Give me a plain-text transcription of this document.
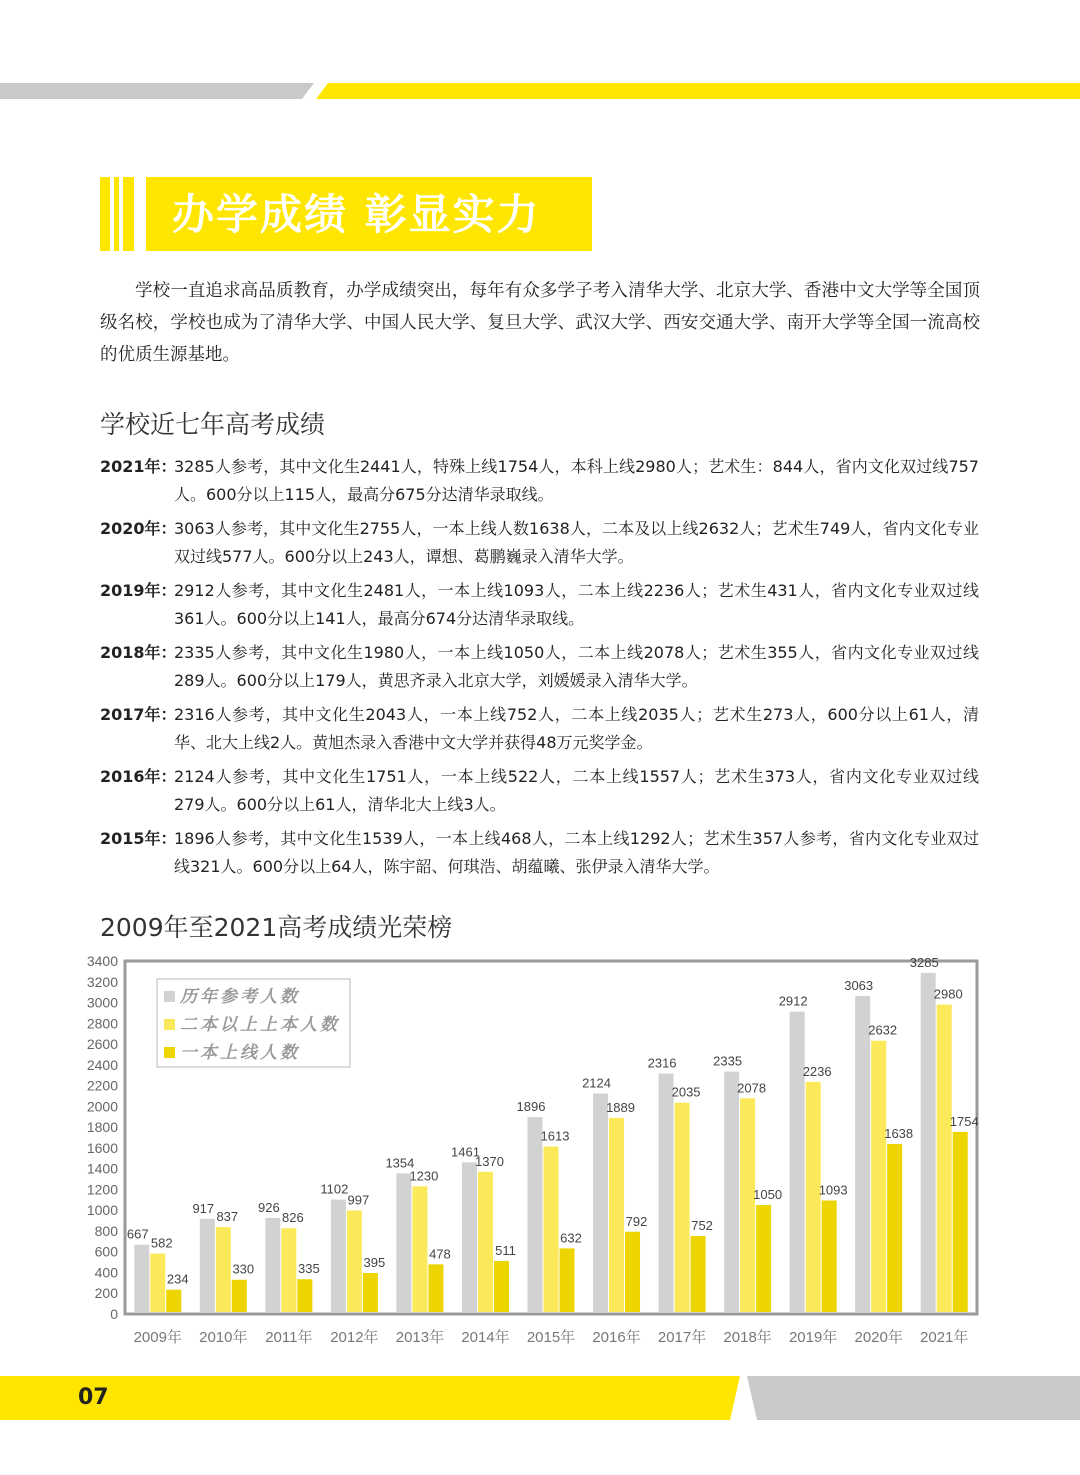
办学成绩 彰显实力
学校一直追求高品质教育，办学成绩突出，每年有众多学子考入清华大学、北京大学、香港中文大学等全国顶级名校，学校也成为了清华大学、中国人民大学、复旦大学、武汉大学、西安交通大学、南开大学等全国一流高校的优质生源基地。
学校近七年高考成绩
2021年：
3285人参考，其中文化生2441人，特殊上线1754人，本科上线2980人；艺术生：844人，省内文化双过线757人。600分以上115人，最高分675分达清华录取线。
2020年：
3063人参考，其中文化生2755人，一本上线人数1638人，二本及以上线2632人；艺术生749人，省内文化专业双过线577人。600分以上243人，谭想、葛鹏巍录入清华大学。
2019年：
2912人参考，其中文化生2481人，一本上线1093人，二本上线2236人；艺术生431人，省内文化专业双过线361人。600分以上141人，最高分674分达清华录取线。
2018年：
2335人参考，其中文化生1980人，一本上线1050人，二本上线2078人；艺术生355人，省内文化专业双过线289人。600分以上179人，黄思齐录入北京大学，刘媛媛录入清华大学。
2017年：
2316人参考，其中文化生2043人，一本上线752人，二本上线2035人；艺术生273人，600分以上61人，清华、北大上线2人。黄旭杰录入香港中文大学并获得48万元奖学金。
2016年：
2124人参考，其中文化生1751人，一本上线522人，二本上线1557人；艺术生373人，省内文化专业双过线279人。600分以上61人，清华北大上线3人。
2015年：
1896人参考，其中文化生1539人，一本上线468人，二本上线1292人；艺术生357人参考，省内文化专业双过线321人。600分以上64人，陈宇韶、何琪浩、胡蕴曦、张伊录入清华大学。
2009年至2021高考成绩光荣榜
0
200
400
600
800
1000
1200
1400
1600
1800
2000
2200
2400
2600
2800
3000
3200
3400
667
582
234
2009年
917
837
330
2010年
926
826
335
2011年
1102
997
395
2012年
1354
1230
478
2013年
1461
1370
511
2014年
1896
1613
632
2015年
2124
1889
792
2016年
2316
2035
752
2017年
2335
2078
1050
2018年
2912
2236
1093
2019年
3063
2632
1638
2020年
3285
2980
1754
2021年
历年参考人数
二本以上上本人数
一本上线人数
07
